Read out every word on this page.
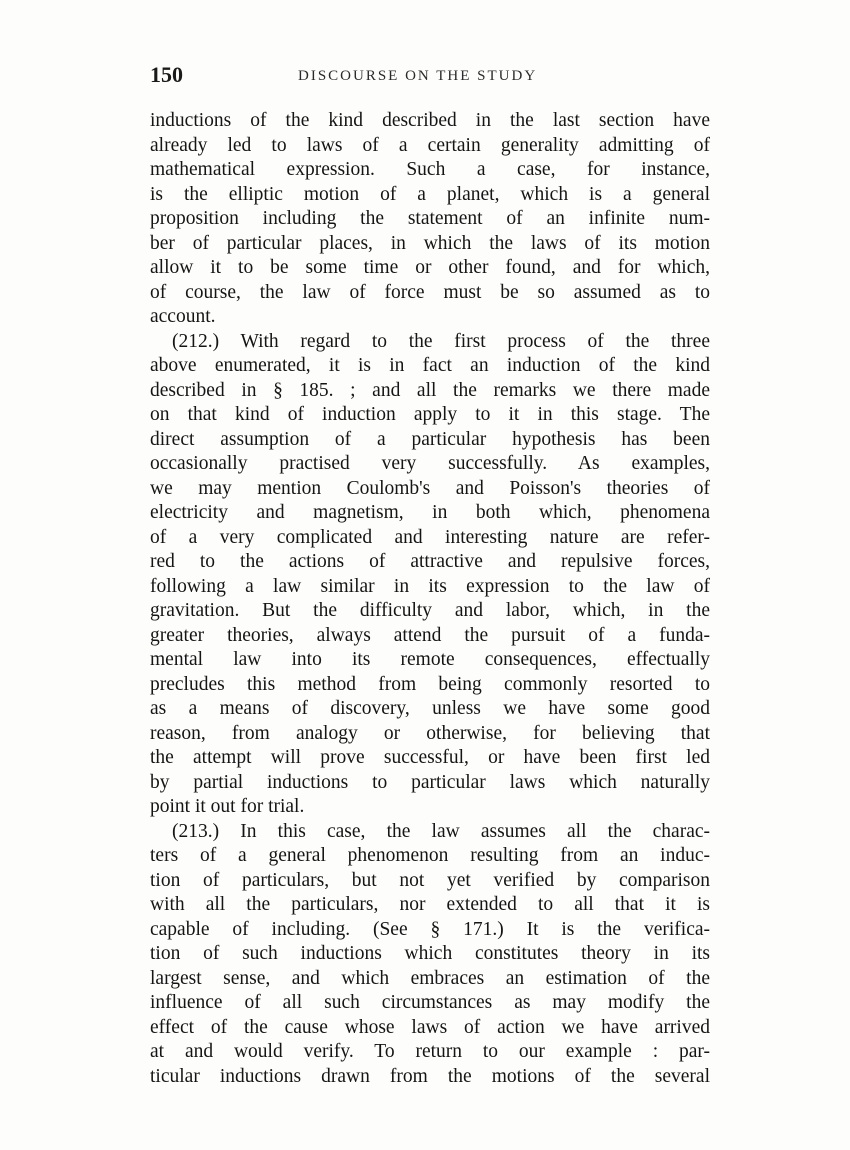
150	DISCOURSE ON THE STUDY
inductions of the kind described in the last section have
already led to laws of a certain generality admitting of
mathematical expression. Such a case, for instance,
is the elliptic motion of a planet, which is a general
proposition including the statement of an infinite num-
ber of particular places, in which the laws of its motion
allow it to be some time or other found, and for which,
of course, the law of force must be so assumed as to
account.
(212.) With regard to the first process of the three
above enumerated, it is in fact an induction of the kind
described in § 185. ; and all the remarks we there made
on that kind of induction apply to it in this stage. The
direct assumption of a particular hypothesis has been
occasionally practised very successfully. As examples,
we may mention Coulomb's and Poisson's theories of
electricity and magnetism, in both which, phenomena
of a very complicated and interesting nature are refer-
red to the actions of attractive and repulsive forces,
following a law similar in its expression to the law of
gravitation. But the difficulty and labor, which, in the
greater theories, always attend the pursuit of a funda-
mental law into its remote consequences, effectually
precludes this method from being commonly resorted to
as a means of discovery, unless we have some good
reason, from analogy or otherwise, for believing that
the attempt will prove successful, or have been first led
by partial inductions to particular laws which naturally
point it out for trial.
(213.) In this case, the law assumes all the charac-
ters of a general phenomenon resulting from an induc-
tion of particulars, but not yet verified by comparison
with all the particulars, nor extended to all that it is
capable of including. (See § 171.) It is the verifica-
tion of such inductions which constitutes theory in its
largest sense, and which embraces an estimation of the
influence of all such circumstances as may modify the
effect of the cause whose laws of action we have arrived
at and would verify. To return to our example : par-
ticular inductions drawn from the motions of the several
